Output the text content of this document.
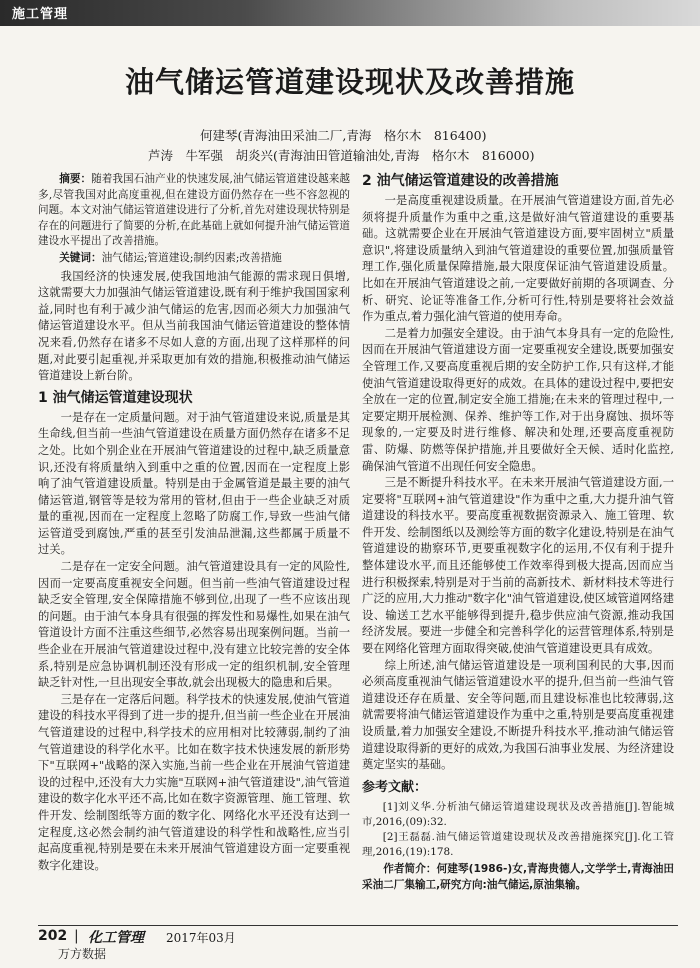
施工管理
油气储运管道建设现状及改善措施
何建琴(青海油田采油二厂,青海　格尔木　816400)
芦涛　牛军强　胡炎兴(青海油田管道输油处,青海　格尔木　816000)
摘要：随着我国石油产业的快速发展,油气储运管道建设越来越多,尽管我国对此高度重视,但在建设方面仍然存在一些不容忽视的问题。本文对油气储运管道建设进行了分析,首先对建设现状特别是存在的问题进行了简要的分析,在此基础上就如何提升油气储运管道建设水平提出了改善措施。
关键词：油气储运;管道建设;制约因素;改善措施

我国经济的快速发展,使我国地油气能源的需求现日俱增,这就需要大力加强油气储运管道建设,既有利于维护我国国家利益,同时也有利于减少油气储运的危害,因而必须大力加强油气储运管道建设水平。但从当前我国油气储运管道建设的整体情况来看,仍然存在诸多不尽如人意的方面,出现了这样那样的问题,对此要引起重视,并采取更加有效的措施,积极推动油气储运管道建设上新台阶。

1 油气储运管道建设现状

一是存在一定质量问题。对于油气管道建设来说,质量是其生命线,但当前一些油气管道建设在质量方面仍然存在诸多不足之处。比如个别企业在开展油气管道建设的过程中,缺乏质量意识,还没有将质量纳入到重中之重的位置,因而在一定程度上影响了油气管道建设质量。特别是由于金属管道是最主要的油气储运管道,钢管等是较为常用的管材,但由于一些企业缺乏对质量的重视,因而在一定程度上忽略了防腐工作,导致一些油气储运管道受到腐蚀,严重的甚至引发油品泄漏,这些都属于质量不过关。

二是存在一定安全问题。油气管道建设具有一定的风险性,因而一定要高度重视安全问题。但当前一些油气管道建设过程缺乏安全管理,安全保障措施不够到位,出现了一些不应该出现的问题。由于油气本身具有很强的挥发性和易爆性,如果在油气管道设计方面不注重这些细节,必然容易出现案例问题。当前一些企业在开展油气管道建设过程中,没有建立比较完善的安全体系,特别是应急协调机制还没有形成一定的组织机制,安全管理缺乏针对性,一旦出现安全事故,就会出现极大的隐患和后果。

三是存在一定落后问题。科学技术的快速发展,使油气管道建设的科技水平得到了进一步的提升,但当前一些企业在开展油气管道建设的过程中,科学技术的应用相对比较薄弱,制约了油气管道建设的科学化水平。比如在数字技术快速发展的新形势下"互联网+"战略的深入实施,当前一些企业在开展油气管道建设的过程中,还没有大力实施"互联网+油气管道建设",油气管道建设的数字化水平还不高,比如在数字资源管理、施工管理、软件开发、绘制图纸等方面的数字化、网络化水平还没有达到一定程度,这必然会制约油气管道建设的科学性和战略性,应当引起高度重视,特别是要在未来开展油气管道建设方面一定要重视数字化建设。

2 油气储运管道建设的改善措施

一是高度重视建设质量。在开展油气管道建设方面,首先必须将提升质量作为重中之重,这是做好油气管道建设的重要基础。这就需要企业在开展油气管道建设方面,要牢固树立"质量意识",将建设质量纳入到油气管道建设的重要位置,加强质量管理工作,强化质量保障措施,最大限度保证油气管道建设质量。比如在开展油气管道建设之前,一定要做好前期的各项调查、分析、研究、论证等准备工作,分析可行性,特别是要将社会效益作为重点,着力强化油气管道的使用寿命。

二是着力加强安全建设。由于油气本身具有一定的危险性,因而在开展油气管道建设方面一定要重视安全建设,既要加强安全管理工作,又要高度重视后期的安全防护工作,只有这样,才能使油气管道建设取得更好的成效。在具体的建设过程中,要把安全放在一定的位置,制定安全施工措施;在未来的管理过程中,一定要定期开展检测、保养、维护等工作,对于出身腐蚀、损坏等现象的,一定要及时进行维修、解决和处理,还要高度重视防雷、防爆、防燃等保护措施,并且要做好全天候、适时化监控,确保油气管道不出现任何安全隐患。

三是不断提升科技水平。在未来开展油气管道建设方面,一定要将"互联网+油气管道建设"作为重中之重,大力提升油气管道建设的科技水平。要高度重视数据资源录入、施工管理、软件开发、绘制图纸以及测绘等方面的数字化建设,特别是在油气管道建设的勘察环节,更要重视数字化的运用,不仅有利于提升整体建设水平,而且还能够使工作效率得到极大提高,因而应当进行积极探索,特别是对于当前的高新技术、新材料技术等进行广泛的应用,大力推动"数字化"油气管道建设,使区域管道网络建设、输送工艺水平能够得到提升,稳步供应油气资源,推动我国经济发展。要进一步健全和完善科学化的运营管理体系,特别是要在网络化管理方面取得突破,使油气管道建设更具有成效。

综上所述,油气储运管道建设是一项利国利民的大事,因而必须高度重视油气储运管道建设水平的提升,但当前一些油气管道建设还存在质量、安全等问题,而且建设标准也比较薄弱,这就需要将油气储运管道建设作为重中之重,特别是要高度重视建设质量,着力加强安全建设,不断提升科技水平,推动油气储运管道建设取得新的更好的成效,为我国石油事业发展、为经济建设奠定坚实的基础。

参考文献：

[1]刘义华.分析油气储运管道建设现状及改善措施[J].智能城市,2016,(09):32.

[2]王磊磊.油气储运管道建设现状及改善措施探究[J].化工管理,2016,(19):178.

作者简介：何建琴(1986-)女,青海贵德人,文学学士,青海油田采油二厂集输工,研究方向:油气储运,原油集输。

202 | 化工管理 2017年03月
万方数据
